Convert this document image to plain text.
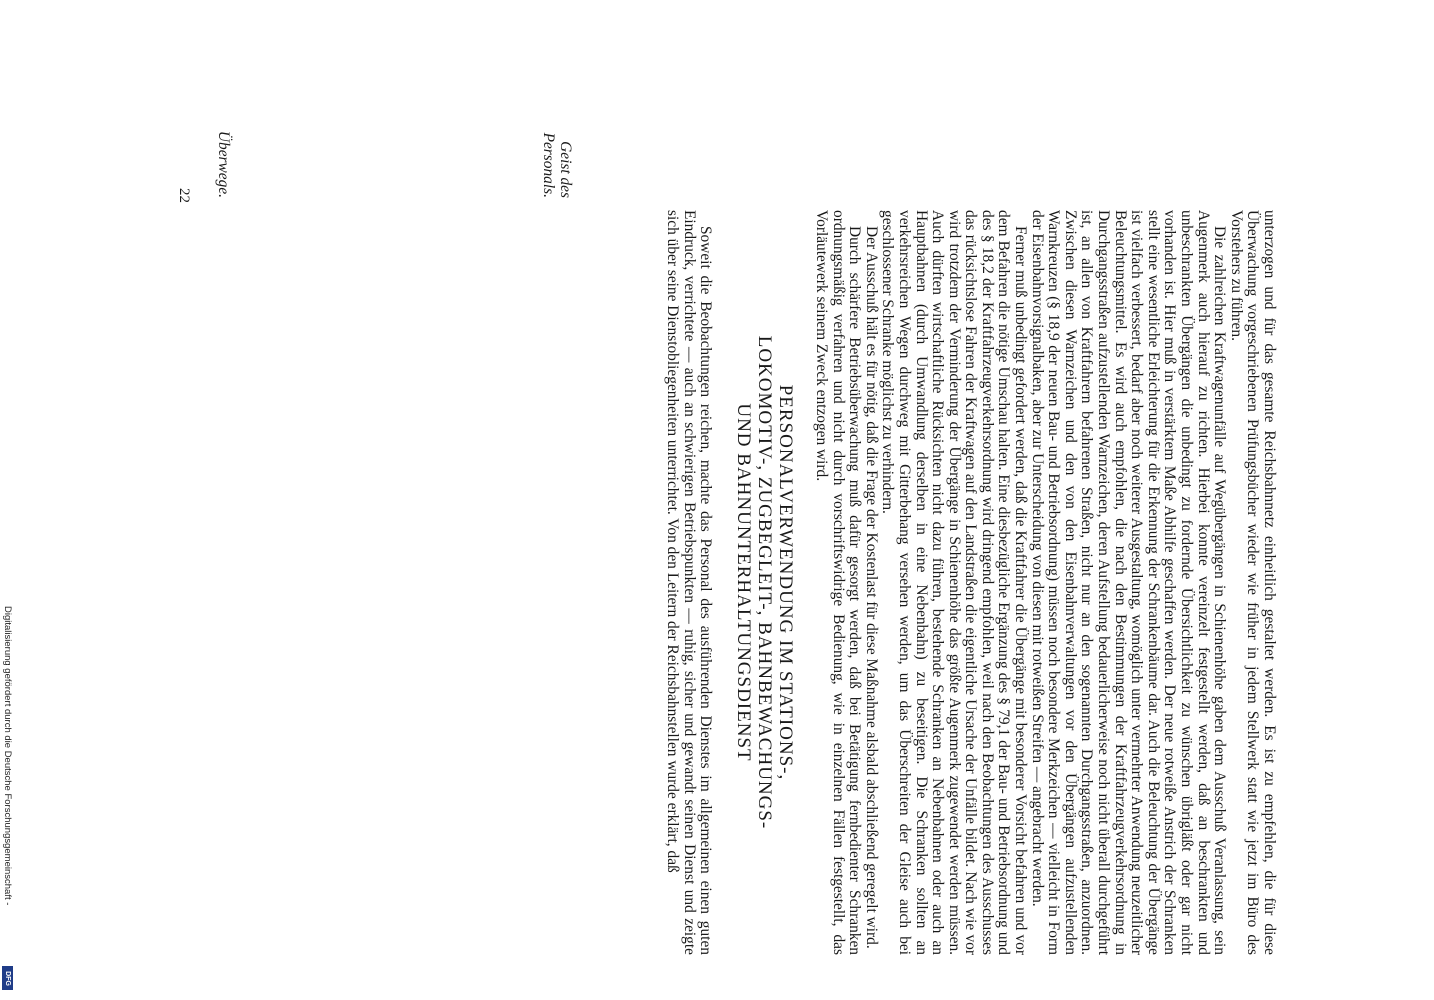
Digitalisierung gefördert durch die Deutsche Forschungsgemeinschaft -
DFG
Überwege.	Geist des
Personals.

unterzogen und für das gesamte Reichsbahnnetz einheitlich gestaltet werden. Es ist zu empfehlen, die für diese Überwachung vorgeschriebenen Prüfungsbücher wieder wie früher in jedem Stellwerk statt wie jetzt im Büro des Vorstehers zu führen.

Die zahlreichen Kraftwagenunfälle auf Wegübergängen in Schienenhöhe gaben dem Ausschuß Veranlassung, sein Augenmerk auch hierauf zu richten. Hierbei konnte vereinzelt festgestellt werden, daß an beschrankten und unbeschrankten Übergängen die unbedingt zu fordernde Übersichtlichkeit zu wünschen übrigläßt oder gar nicht vorhanden ist. Hier muß in verstärktem Maße Abhilfe geschaffen werden. Der neue rotweiße Anstrich der Schranken stellt eine wesentliche Erleichterung für die Erkennung der Schrankenbäume dar. Auch die Beleuchtung der Übergänge ist vielfach verbessert, bedarf aber noch weiterer Ausgestaltung, womöglich unter vermehrter Anwendung neuzeitlicher Beleuchtungsmittel. Es wird auch empfohlen, die nach den Bestimmungen der Kraftfahrzeugverkehrsordnung in Durchgangsstraßen aufzustellenden Warnzeichen, deren Aufstellung bedauerlicherweise noch nicht überall durchgeführt ist, an allen von Kraftfahrern befahrenen Straßen, nicht nur an den sogenannten Durchgangsstraßen, anzuordnen. Zwischen diesen Warnzeichen und den von den Eisenbahnverwaltungen vor den Übergängen aufzustellenden Warnkreuzen (§ 18,9 der neuen Bau- und Betriebsordnung) müssen noch besondere Merkzeichen — vielleicht in Form der Eisenbahnvorsignalbaken, aber zur Unterscheidung von diesen mit rotweißen Streifen — angebracht werden.

Ferner muß unbedingt gefordert werden, daß die Kraftfahrer die Übergänge mit besonderer Vorsicht befahren und vor dem Befahren die nötige Umschau halten. Eine diesbezügliche Ergänzung des § 79,1 der Bau- und Betriebsordnung und des § 18,2 der Kraftfahrzeugverkehrsordnung wird dringend empfohlen, weil nach den Beobachtungen des Ausschusses das rücksichtslose Fahren der Kraftwagen auf den Landstraßen die eigentliche Ursache der Unfälle bildet. Nach wie vor wird trotzdem der Verminderung der Übergänge in Schienenhöhe das größte Augenmerk zugewendet werden müssen. Auch dürften wirtschaftliche Rücksichten nicht dazu führen, bestehende Schranken an Nebenbahnen oder auch an Hauptbahnen (durch Umwandlung derselben in eine Nebenbahn) zu beseitigen. Die Schranken sollten an verkehrsreichen Wegen durchweg mit Gitterbehang versehen werden, um das Überschreiten der Gleise auch bei geschlossener Schranke möglichst zu verhindern.

Der Ausschuß hält es für nötig, daß die Frage der Kostenlast für diese Maßnahme alsbald abschließend geregelt wird.

Durch schärfere Betriebsüberwachung muß dafür gesorgt werden, daß bei Betätigung fernbedienter Schranken ordnungsmäßig verfahren und nicht durch vorschriftswidrige Bedienung, wie in einzelnen Fällen festgestellt, das Vorläutewerk seinem Zweck entzogen wird.

PERSONALVERWENDUNG IM STATIONS-,
LOKOMOTIV-, ZUGBEGLEIT-, BAHNBEWACHUNGS-
UND BAHNUNTERHALTUNGSDIENST

Soweit die Beobachtungen reichen, machte das Personal des ausführenden Dienstes im allgemeinen einen guten Eindruck, verrichtete — auch an schwierigen Betriebspunkten — ruhig, sicher und gewandt seinen Dienst und zeigte sich über seine Dienstobliegenheiten unterrichtet. Von den Leitern der Reichsbahnstellen wurde erklärt, daß

22
